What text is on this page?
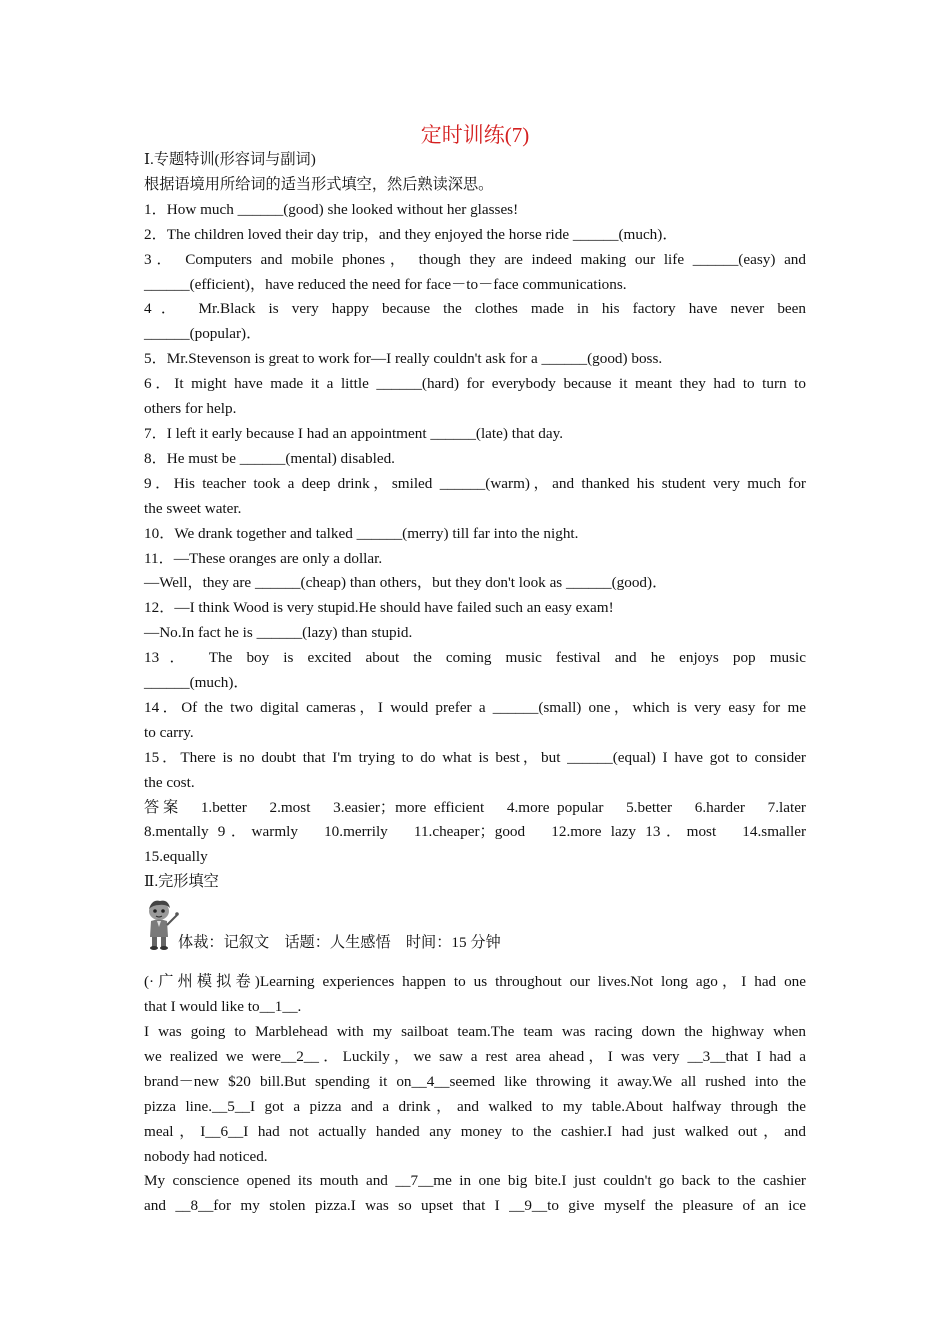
定时训练(7)
Ⅰ.专题特训(形容词与副词)
根据语境用所给词的适当形式填空，然后熟读深思。
1．How much ______(good) she looked without her glasses!
2．The children loved their day trip，and they enjoyed the horse ride ______(much)．
3． Computers and mobile phones， though they are indeed making our life ______(easy) and
______(efficient)，have reduced the need for face－to－face communications.
4． Mr.Black is very happy because the clothes made in his factory have never been
______(popular)．
5．Mr.Stevenson is great to work for—I really couldn't ask for a ______(good) boss.
6．It might have made it a little ______(hard) for everybody because it meant they had to turn to
others for help.
7．I left it early because I had an appointment ______(late) that day.
8．He must be ______(mental) disabled.
9．His teacher took a deep drink，smiled ______(warm)，and thanked his student very much for
the sweet water.
10．We drank together and talked ______(merry) till far into the night.
11．—These oranges are only a dollar.
—Well，they are ______(cheap) than others，but they don't look as ______(good)．
12．—I think Wood is very stupid.He should have failed such an easy exam!
—No.In fact he is ______(lazy) than stupid.
13． The boy is excited about the coming music festival and he enjoys pop music
______(much)．
14．Of the two digital cameras，I would prefer a ______(small) one，which is very easy for me
to carry.
15．There is no doubt that I'm trying to do what is best，but ______(equal) I have got to consider
the cost.
答案　1.better　2.most　3.easier；more efficient　4.more popular　5.better　6.harder　7.later
8.mentally 9．warmly　10.merrily　11.cheaper；good　12.more lazy 13．most　14.smaller
15.equally
Ⅱ.完形填空
体裁：记叙文　话题：人生感悟　时间：15 分钟
(·广州模拟卷)Learning experiences happen to us throughout our lives.Not long ago，I had one
that I would like to__1__.
I was going to Marblehead with my sailboat team.The team was racing down the highway when
we realized we were__2__．Luckily，we saw a rest area ahead，I was very __3__that I had a
brand－new $20 bill.But spending it on__4__seemed like throwing it away.We all rushed into the
pizza line.__5__I got a pizza and a drink，and walked to my table.About halfway through the
meal，I__6__I had not actually handed any money to the cashier.I had just walked out，and
nobody had noticed.
My conscience opened its mouth and __7__me in one big bite.I just couldn't go back to the cashier
and __8__for my stolen pizza.I was so upset that I __9__to give myself the pleasure of an ice
